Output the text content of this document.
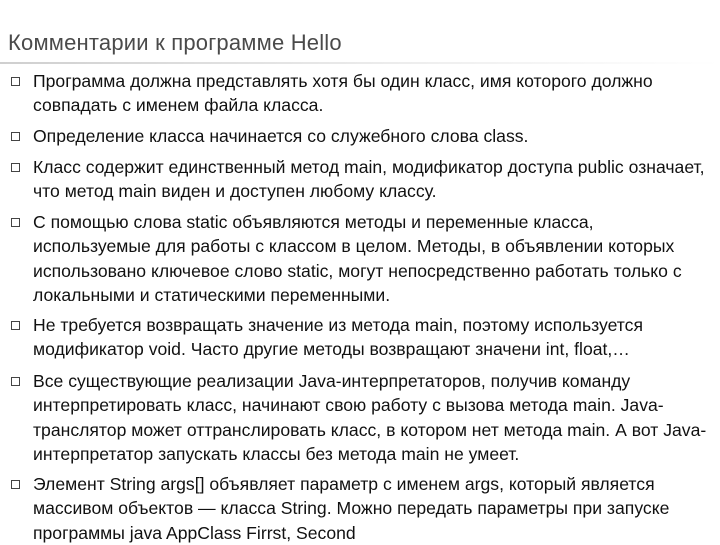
Комментарии к программе Hello
Программа должна представлять хотя бы один класс, имя которого должно совпадать с именем файла класса.
Определение класса начинается со служебного слова class.
Класс содержит единственный метод main, модификатор доступа public означает, что метод main виден и доступен любому классу.
С помощью слова static объявляются методы и переменные класса, используемые для работы с классом в целом. Методы, в объявлении которых использовано ключевое слово static, могут непосредственно работать только с локальными и статическими переменными.
Не требуется возвращать значение из метода main, поэтому используется модификатор void. Часто другие методы возвращают значени int, float,…
Все существующие реализации Java-интерпретаторов, получив команду интерпретировать класс, начинают свою работу с вызова метода main. Java-транслятор может оттранслировать класс, в котором нет метода main. А вот Java-интерпретатор запускать классы без метода main не умеет.
Элемент String args[] объявляет параметр с именем args, который является массивом объектов — класса String. Можно передать параметры при запуске программы java AppClass Firrst, Second
